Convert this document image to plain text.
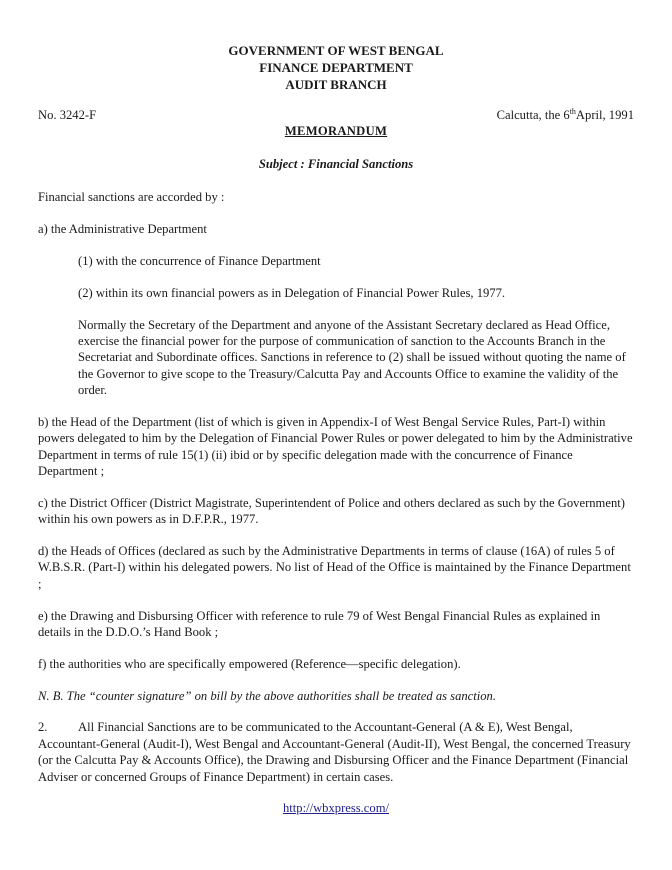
GOVERNMENT OF WEST BENGAL
FINANCE DEPARTMENT
AUDIT BRANCH
No. 3242-F	Calcutta, the 6thApril, 1991
MEMORANDUM
Subject : Financial Sanctions

Financial sanctions are accorded by :

a) the Administrative Department

(1) with the concurrence of Finance Department

(2) within its own financial powers as in Delegation of Financial Power Rules, 1977.

Normally the Secretary of the Department and anyone of the Assistant Secretary declared as Head Office, exercise the financial power for the purpose of communication of sanction to the Accounts Branch in the Secretariat and Subordinate offices. Sanctions in reference to (2) shall be issued without quoting the name of the Governor to give scope to the Treasury/Calcutta Pay and Accounts Office to examine the validity of the order.

b) the Head of the Department (list of which is given in Appendix-I of West Bengal Service Rules, Part-I) within powers delegated to him by the Delegation of Financial Power Rules or power delegated to him by the Administrative Department in terms of rule 15(1) (ii) ibid or by specific delegation made with the concurrence of Finance Department ;

c) the District Officer (District Magistrate, Superintendent of Police and others declared as such by the Government) within his own powers as in D.F.P.R., 1977.

d) the Heads of Offices (declared as such by the Administrative Departments in terms of clause (16A) of rules 5 of W.B.S.R. (Part-I) within his delegated powers. No list of Head of the Office is maintained by the Finance Department ;

e) the Drawing and Disbursing Officer with reference to rule 79 of West Bengal Financial Rules as explained in details in the D.D.O.’s Hand Book ;

f) the authorities who are specifically empowered (Reference—specific delegation).

N. B. The “counter signature” on bill by the above authorities shall be treated as sanction.

2. All Financial Sanctions are to be communicated to the Accountant-General (A & E), West Bengal, Accountant-General (Audit-I), West Bengal and Accountant-General (Audit-II), West Bengal, the concerned Treasury (or the Calcutta Pay & Accounts Office), the Drawing and Disbursing Officer and the Finance Department (Financial Adviser or concerned Groups of Finance Department) in certain cases.

http://wbxpress.com/
